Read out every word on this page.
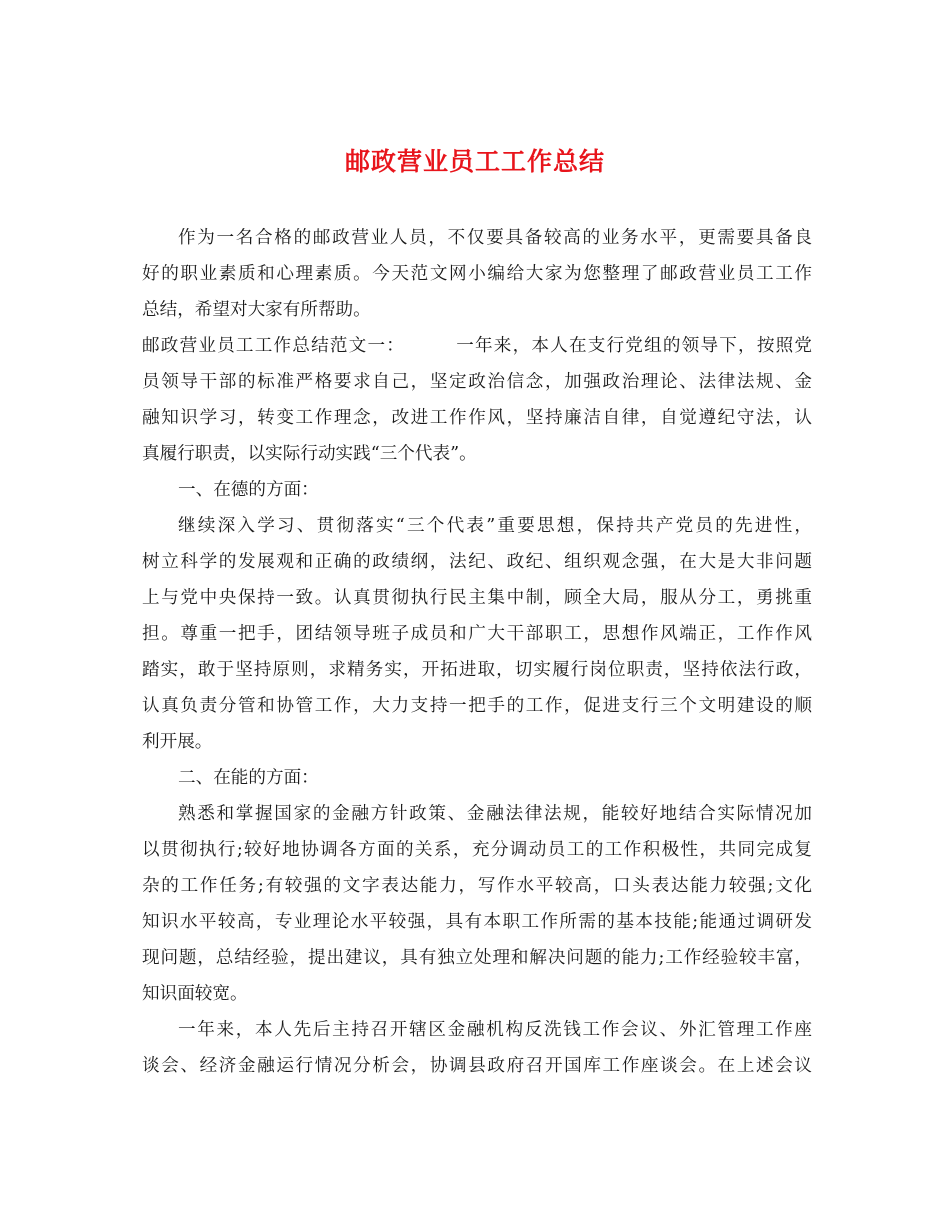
邮政营业员工工作总结
作为一名合格的邮政营业人员，不仅要具备较高的业务水平，更需要具备良
好的职业素质和心理素质。今天范文网小编给大家为您整理了邮政营业员工工作
总结，希望对大家有所帮助。
邮政营业员工工作总结范文一：	一年来，本人在支行党组的领导下，按照党
员领导干部的标准严格要求自己，坚定政治信念，加强政治理论、法律法规、金
融知识学习，转变工作理念，改进工作作风，坚持廉洁自律，自觉遵纪守法，认
真履行职责，以实际行动实践“三个代表”。
一、在德的方面：
继续深入学习、贯彻落实“三个代表”重要思想，保持共产党员的先进性，
树立科学的发展观和正确的政绩纲，法纪、政纪、组织观念强，在大是大非问题
上与党中央保持一致。认真贯彻执行民主集中制，顾全大局，服从分工，勇挑重
担。尊重一把手，团结领导班子成员和广大干部职工，思想作风端正，工作作风
踏实，敢于坚持原则，求精务实，开拓进取，切实履行岗位职责，坚持依法行政，
认真负责分管和协管工作，大力支持一把手的工作，促进支行三个文明建设的顺
利开展。
二、在能的方面：
熟悉和掌握国家的金融方针政策、金融法律法规，能较好地结合实际情况加
以贯彻执行;较好地协调各方面的关系，充分调动员工的工作积极性，共同完成复
杂的工作任务;有较强的文字表达能力，写作水平较高，口头表达能力较强;文化
知识水平较高，专业理论水平较强，具有本职工作所需的基本技能;能通过调研发
现问题，总结经验，提出建议，具有独立处理和解决问题的能力;工作经验较丰富，
知识面较宽。
一年来，本人先后主持召开辖区金融机构反洗钱工作会议、外汇管理工作座
谈会、经济金融运行情况分析会，协调县政府召开国库工作座谈会。在上述会议
